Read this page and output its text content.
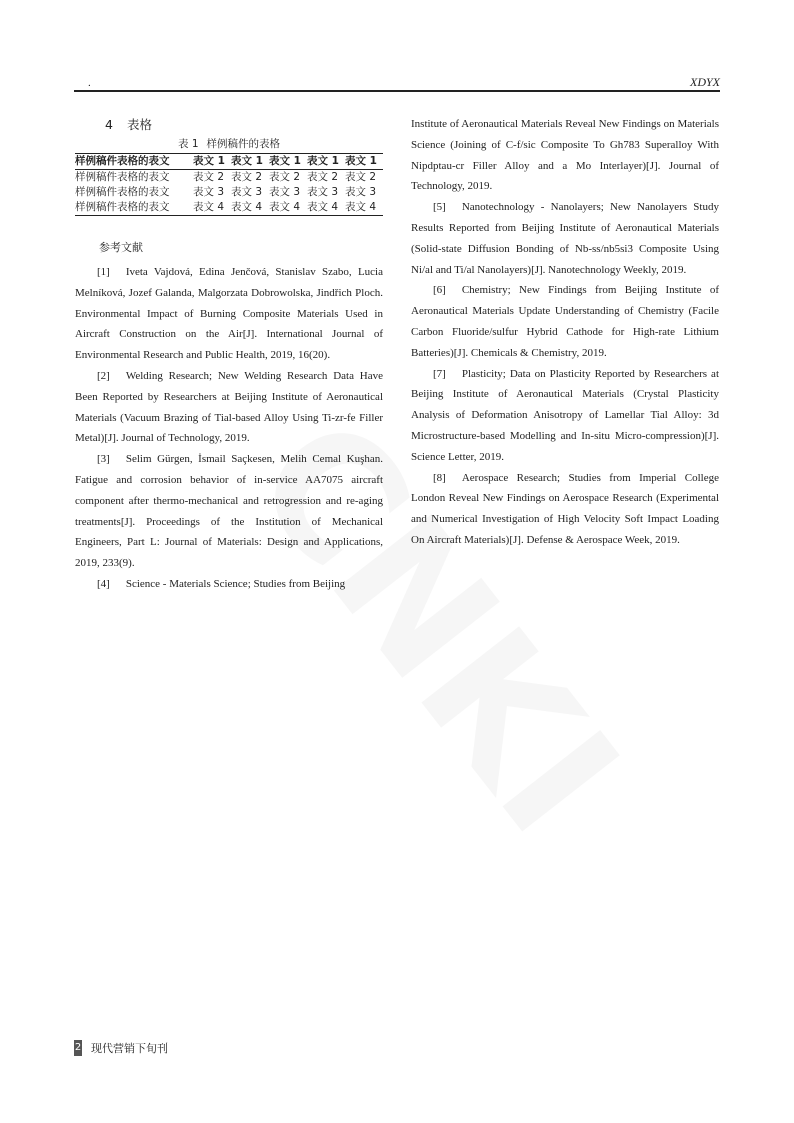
.	XDYX
4 表格
表 1 样例稿件的表格
样例稿件表格的表文	表文 1	表文 1	表文 1	表文 1	表文 1
样例稿件表格的表文	表文 2	表文 2	表文 2	表文 2	表文 2
样例稿件表格的表文	表文 3	表文 3	表文 3	表文 3	表文 3
样例稿件表格的表文	表文 4	表文 4	表文 4	表文 4	表文 4
参考文献

[1] Iveta Vajdová, Edina Jenčová, Stanislav Szabo, Lucia Melníková, Jozef Galanda, Malgorzata Dobrowolska, Jindřich Ploch. Environmental Impact of Burning Composite Materials Used in Aircraft Construction on the Air[J]. International Journal of Environmental Research and Public Health, 2019, 16(20).

[2] Welding Research; New Welding Research Data Have Been Reported by Researchers at Beijing Institute of Aeronautical Materials (Vacuum Brazing of Tial-based Alloy Using Ti-zr-fe Filler Metal)[J]. Journal of Technology, 2019.

[3] Selim Gürgen, İsmail Saçkesen, Melih Cemal Kuşhan. Fatigue and corrosion behavior of in-service AA7075 aircraft component after thermo-mechanical and retrogression and re-aging treatments[J]. Proceedings of the Institution of Mechanical Engineers, Part L: Journal of Materials: Design and Applications, 2019, 233(9).

[4] Science - Materials Science; Studies from Beijing

Institute of Aeronautical Materials Reveal New Findings on Materials Science (Joining of C-f/sic Composite To Gh783 Superalloy With Nipdptau-cr Filler Alloy and a Mo Interlayer)[J]. Journal of Technology, 2019.

[5] Nanotechnology - Nanolayers; New Nanolayers Study Results Reported from Beijing Institute of Aeronautical Materials (Solid-state Diffusion Bonding of Nb-ss/nb5si3 Composite Using Ni/al and Ti/al Nanolayers)[J]. Nanotechnology Weekly, 2019.

[6] Chemistry; New Findings from Beijing Institute of Aeronautical Materials Update Understanding of Chemistry (Facile Carbon Fluoride/sulfur Hybrid Cathode for High-rate Lithium Batteries)[J]. Chemicals & Chemistry, 2019.

[7] Plasticity; Data on Plasticity Reported by Researchers at Beijing Institute of Aeronautical Materials (Crystal Plasticity Analysis of Deformation Anisotropy of Lamellar Tial Alloy: 3d Microstructure-based Modelling and In-situ Micro-compression)[J]. Science Letter, 2019.

[8] Aerospace Research; Studies from Imperial College London Reveal New Findings on Aerospace Research (Experimental and Numerical Investigation of High Velocity Soft Impact Loading On Aircraft Materials)[J]. Defense & Aerospace Week, 2019.

2 现代营销下旬刊
